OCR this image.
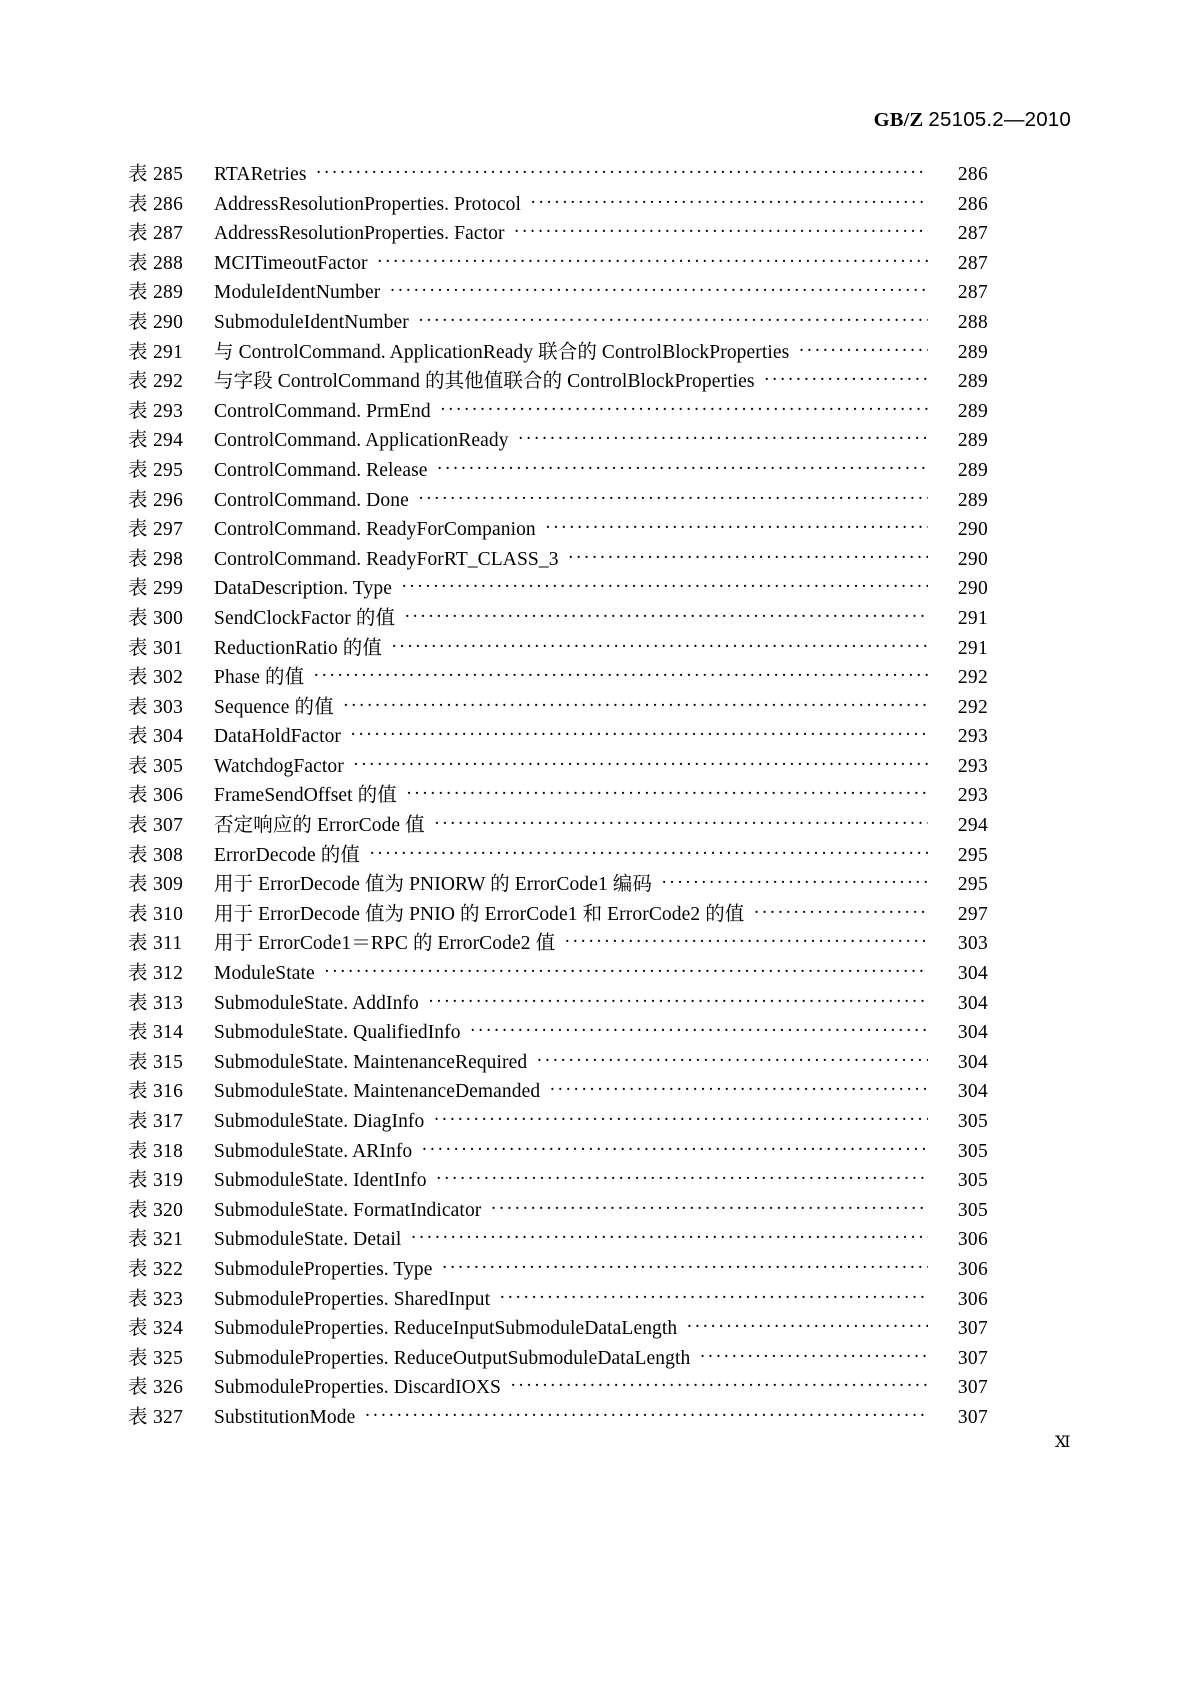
GB/Z 25105.2—2010
表 285	RTARetries ·····	286
表 286	AddressResolutionProperties. Protocol ·····	286
表 287	AddressResolutionProperties. Factor ·····	287
表 288	MCITimeoutFactor ·····	287
表 289	ModuleIdentNumber ·····	287
表 290	SubmoduleIdentNumber ·····	288
表 291	与 ControlCommand. ApplicationReady 联合的 ControlBlockProperties ·····	289
表 292	与字段 ControlCommand 的其他值联合的 ControlBlockProperties ·····	289
表 293	ControlCommand. PrmEnd ·····	289
表 294	ControlCommand. ApplicationReady ·····	289
表 295	ControlCommand. Release ·····	289
表 296	ControlCommand. Done ·····	289
表 297	ControlCommand. ReadyForCompanion ·····	290
表 298	ControlCommand. ReadyForRT_CLASS_3 ·····	290
表 299	DataDescription. Type ·····	290
表 300	SendClockFactor 的值 ·····	291
表 301	ReductionRatio 的值 ·····	291
表 302	Phase 的值 ·····	292
表 303	Sequence 的值 ·····	292
表 304	DataHoldFactor ·····	293
表 305	WatchdogFactor ·····	293
表 306	FrameSendOffset 的值 ·····	293
表 307	否定响应的 ErrorCode 值 ·····	294
表 308	ErrorDecode 的值 ·····	295
表 309	用于 ErrorDecode 值为 PNIORW 的 ErrorCode1 编码 ·····	295
表 310	用于 ErrorDecode 值为 PNIO 的 ErrorCode1 和 ErrorCode2 的值 ·····	297
表 311	用于 ErrorCode1＝RPC 的 ErrorCode2 值 ·····	303
表 312	ModuleState ·····	304
表 313	SubmoduleState. AddInfo ·····	304
表 314	SubmoduleState. QualifiedInfo ·····	304
表 315	SubmoduleState. MaintenanceRequired ·····	304
表 316	SubmoduleState. MaintenanceDemanded ·····	304
表 317	SubmoduleState. DiagInfo ·····	305
表 318	SubmoduleState. ARInfo ·····	305
表 319	SubmoduleState. IdentInfo ·····	305
表 320	SubmoduleState. FormatIndicator ·····	305
表 321	SubmoduleState. Detail ·····	306
表 322	SubmoduleProperties. Type ·····	306
表 323	SubmoduleProperties. SharedInput ·····	306
表 324	SubmoduleProperties. ReduceInputSubmoduleDataLength ·····	307
表 325	SubmoduleProperties. ReduceOutputSubmoduleDataLength ·····	307
表 326	SubmoduleProperties. DiscardIOXS ·····	307
表 327	SubstitutionMode ·····	307
Ⅺ
